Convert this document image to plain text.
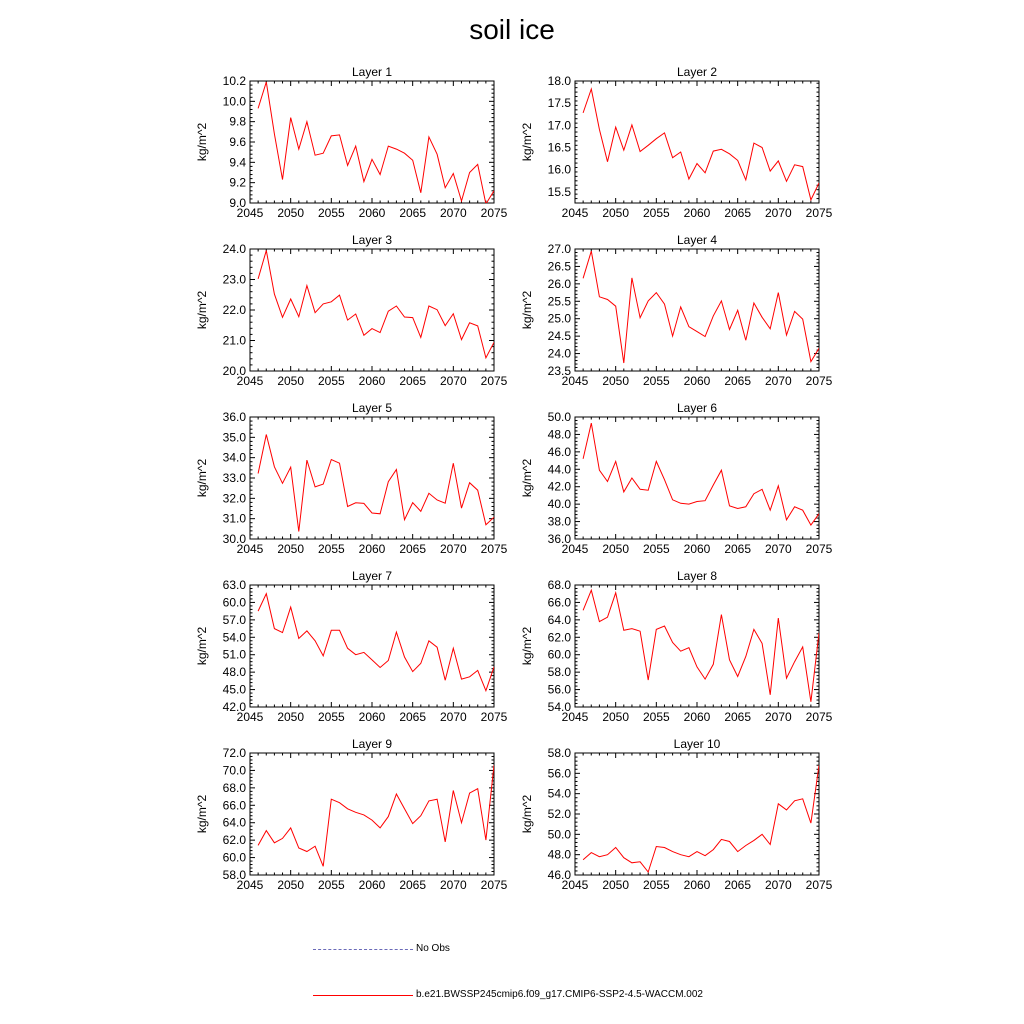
soil ice
Layer 1
kg/m^2
2045 2050 2055 2060 2065 2070 2075
9.0
9.2
9.4
9.6
9.8
10.0
10.2
Layer 2
kg/m^2
2045 2050 2055 2060 2065 2070 2075
15.5
16.0
16.5
17.0
17.5
18.0
Layer 3
kg/m^2
2045 2050 2055 2060 2065 2070 2075
20.0
21.0
22.0
23.0
24.0
Layer 4
kg/m^2
2045 2050 2055 2060 2065 2070 2075
23.5
24.0
24.5
25.0
25.5
26.0
26.5
27.0
Layer 5
kg/m^2
2045 2050 2055 2060 2065 2070 2075
30.0
31.0
32.0
33.0
34.0
35.0
36.0
Layer 6
kg/m^2
2045 2050 2055 2060 2065 2070 2075
36.0
38.0
40.0
42.0
44.0
46.0
48.0
50.0
Layer 7
kg/m^2
2045 2050 2055 2060 2065 2070 2075
42.0
45.0
48.0
51.0
54.0
57.0
60.0
63.0
Layer 8
kg/m^2
2045 2050 2055 2060 2065 2070 2075
54.0
56.0
58.0
60.0
62.0
64.0
66.0
68.0
Layer 9
kg/m^2
2045 2050 2055 2060 2065 2070 2075
58.0
60.0
62.0
64.0
66.0
68.0
70.0
72.0
Layer 10
kg/m^2
2045 2050 2055 2060 2065 2070 2075
46.0
48.0
50.0
52.0
54.0
56.0
58.0
No Obs
b.e21.BWSSP245cmip6.f09_g17.CMIP6-SSP2-4.5-WACCM.002
